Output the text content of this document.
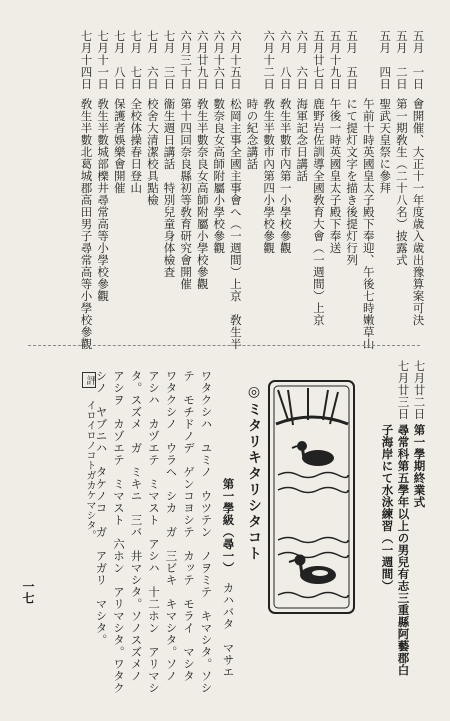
五月　一日
會開催、大正十一年度歳入歳出豫算案可決
五月　二日
第一期敎生（二十八名）披露式
五月　四日
聖武天皇祭に參拜
午前十時英國皇太子殿下奉迎、午後七時嫩草山
五月　五日
にて提灯文字を描き後提灯行列
五月十九日
午後一時英國皇太子殿下奉送
五月廿七日
鹿野岩佐訓導全國敎育大會（一週間）上京
六月　六日
海軍記念日講話
六月　八日
敎生半數市內第一小學校參觀
六月十二日
敎生半數市內第四小學校參觀
時の紀念講話
六月十五日
松岡主事全國主事會へ（一週間）上京　敎生半
六月十六日
數奈良女高師附屬小學校參觀
六月廿九日
敎生半數奈良女高師附屬小學校參觀
六月三十日
第十四回奈良縣初等敎育研究會開催
七月　三日
衞生週日講話　特別兒童身体檢査
七月　六日
校舍大清潔校具點檢
七月　七日
全校体操春日登山
七月　八日
保護者娛樂會開催
七月十一日
敎生半數城部櫟井尋常高等小學校參觀
七月十四日
敎生半數北葛城郡高田男子尋常高等小學校參觀
七月廿二日
七月廿三日
第一學期終業式
尋常科第五學年以上の男兒有志三重縣阿藝郡白
子海岸にて水泳練習（一週間）
◎ミタリキタリシタコト
第一學級（尋一）
カハバタ　マサエ
ワタクシハ　ユミノ　ウツテン　ノヲミテ　キマシタ。ソシ
テ　モチドノデ　ゲンコヨシテ　カッテ　モライ　マシタ
ワタクシノ　ウラヘ　シカ　ガ　三ビキ　キマシタ。ソノ
アシハ　カヅエテ　ミマスト　アシハ　十二ホン　アリマシ
タ。スズメ　ガ　ミキニ　三バ　井マシタ。ソノスズメノ
アシヲ　カゾエテ　ミマスト　六ホン　アリマシタ。ワタク
シノ　ヤブニハ　タケノコ　ガ　アガリ　マシタ。
評
イロイロノコトガカケマシタ。
一七
